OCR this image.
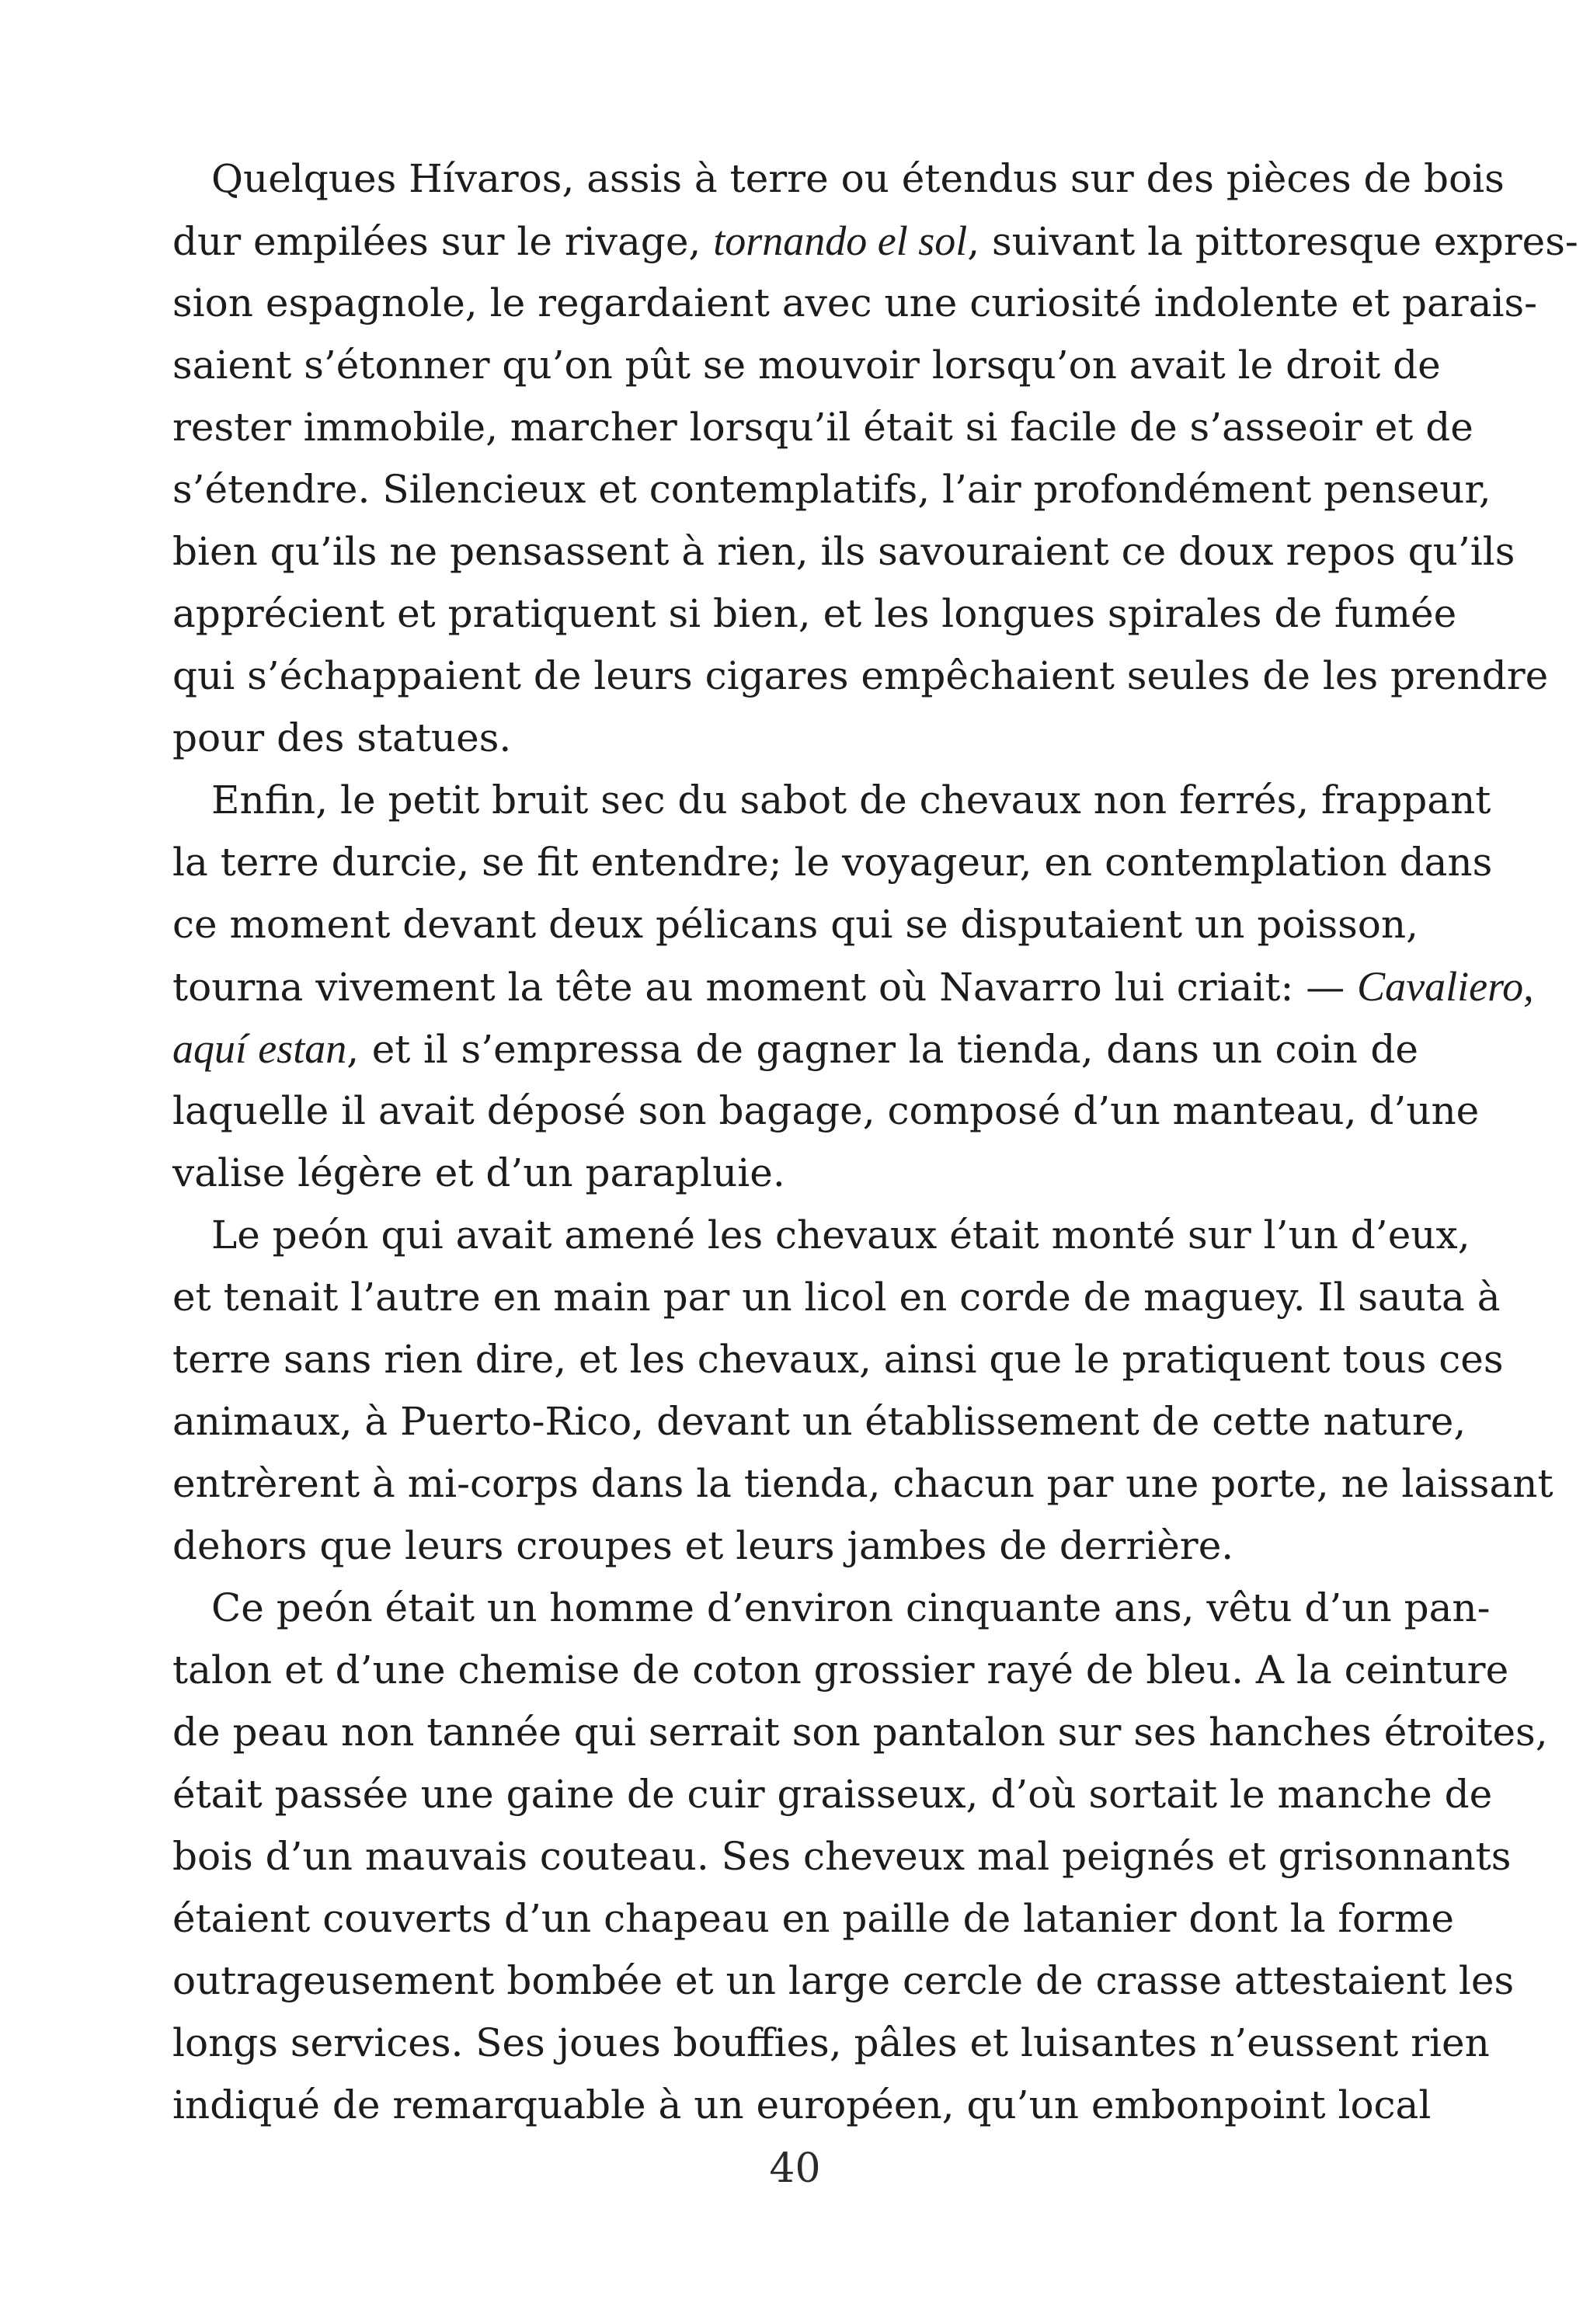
Quelques Hívaros, assis à terre ou étendus sur des pièces de bois
dur empilées sur le rivage, tornando el sol, suivant la pittoresque expres-
sion espagnole, le regardaient avec une curiosité indolente et parais-
saient s’étonner qu’on pût se mouvoir lorsqu’on avait le droit de
rester immobile, marcher lorsqu’il était si facile de s’asseoir et de
s’étendre. Silencieux et contemplatifs, l’air profondément penseur,
bien qu’ils ne pensassent à rien, ils savouraient ce doux repos qu’ils
apprécient et pratiquent si bien, et les longues spirales de fumée
qui s’échappaient de leurs cigares empêchaient seules de les prendre
pour des statues.
Enfin, le petit bruit sec du sabot de chevaux non ferrés, frappant
la terre durcie, se fit entendre; le voyageur, en contemplation dans
ce moment devant deux pélicans qui se disputaient un poisson,
tourna vivement la tête au moment où Navarro lui criait: — Cavaliero,
aquí estan, et il s’empressa de gagner la tienda, dans un coin de
laquelle il avait déposé son bagage, composé d’un manteau, d’une
valise légère et d’un parapluie.
Le peón qui avait amené les chevaux était monté sur l’un d’eux,
et tenait l’autre en main par un licol en corde de maguey. Il sauta à
terre sans rien dire, et les chevaux, ainsi que le pratiquent tous ces
animaux, à Puerto-Rico, devant un établissement de cette nature,
entrèrent à mi-corps dans la tienda, chacun par une porte, ne laissant
dehors que leurs croupes et leurs jambes de derrière.
Ce peón était un homme d’environ cinquante ans, vêtu d’un pan-
talon et d’une chemise de coton grossier rayé de bleu. A la ceinture
de peau non tannée qui serrait son pantalon sur ses hanches étroites,
était passée une gaine de cuir graisseux, d’où sortait le manche de
bois d’un mauvais couteau. Ses cheveux mal peignés et grisonnants
étaient couverts d’un chapeau en paille de latanier dont la forme
outrageusement bombée et un large cercle de crasse attestaient les
longs services. Ses joues bouffies, pâles et luisantes n’eussent rien
indiqué de remarquable à un européen, qu’un embonpoint local
40
